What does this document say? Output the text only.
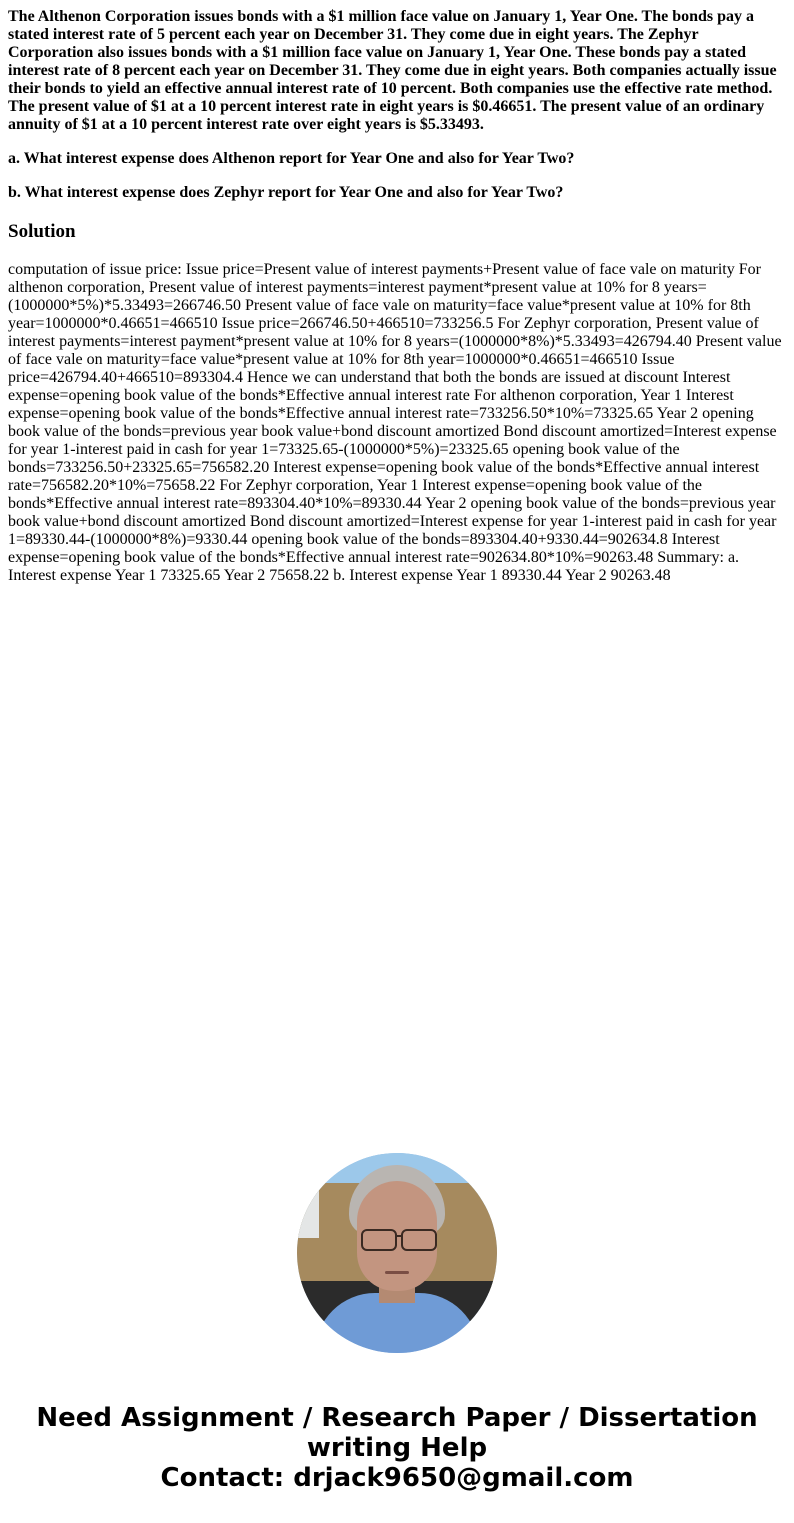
The Althenon Corporation issues bonds with a $1 million face value on January 1, Year One. The bonds pay a stated interest rate of 5 percent each year on December 31. They come due in eight years. The Zephyr Corporation also issues bonds with a $1 million face value on January 1, Year One. These bonds pay a stated interest rate of 8 percent each year on December 31. They come due in eight years. Both companies actually issue their bonds to yield an effective annual interest rate of 10 percent. Both companies use the effective rate method. The present value of $1 at a 10 percent interest rate in eight years is $0.46651. The present value of an ordinary annuity of $1 at a 10 percent interest rate over eight years is $5.33493.

a. What interest expense does Althenon report for Year One and also for Year Two?

b. What interest expense does Zephyr report for Year One and also for Year Two?

Solution

computation of issue price: Issue price=Present value of interest payments+Present value of face vale on maturity For althenon corporation, Present value of interest payments=interest payment*present value at 10% for 8 years=(1000000*5%)*5.33493=266746.50 Present value of face vale on maturity=face value*present value at 10% for 8th year=1000000*0.46651=466510 Issue price=266746.50+466510=733256.5 For Zephyr corporation, Present value of interest payments=interest payment*present value at 10% for 8 years=(1000000*8%)*5.33493=426794.40 Present value of face vale on maturity=face value*present value at 10% for 8th year=1000000*0.46651=466510 Issue price=426794.40+466510=893304.4 Hence we can understand that both the bonds are issued at discount Interest expense=opening book value of the bonds*Effective annual interest rate For althenon corporation, Year 1 Interest expense=opening book value of the bonds*Effective annual interest rate=733256.50*10%=73325.65 Year 2 opening book value of the bonds=previous year book value+bond discount amortized Bond discount amortized=Interest expense for year 1-interest paid in cash for year 1=73325.65-(1000000*5%)=23325.65 opening book value of the bonds=733256.50+23325.65=756582.20 Interest expense=opening book value of the bonds*Effective annual interest rate=756582.20*10%=75658.22 For Zephyr corporation, Year 1 Interest expense=opening book value of the bonds*Effective annual interest rate=893304.40*10%=89330.44 Year 2 opening book value of the bonds=previous year book value+bond discount amortized Bond discount amortized=Interest expense for year 1-interest paid in cash for year 1=89330.44-(1000000*8%)=9330.44 opening book value of the bonds=893304.40+9330.44=902634.8 Interest expense=opening book value of the bonds*Effective annual interest rate=902634.80*10%=90263.48 Summary: a. Interest expense Year 1 73325.65 Year 2 75658.22 b. Interest expense Year 1 89330.44 Year 2 90263.48

Need Assignment / Research Paper / Dissertation
writing Help
Contact: drjack9650@gmail.com
